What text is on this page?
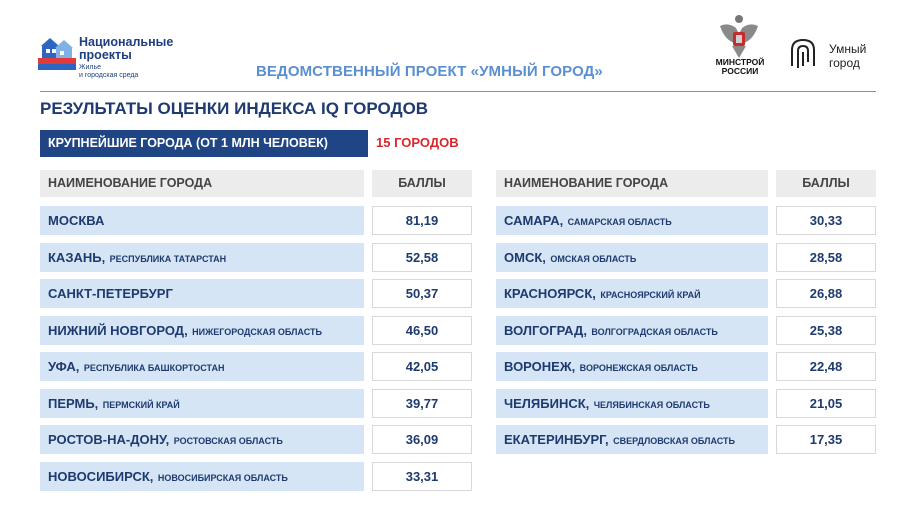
Национальные
проекты
Жилье
и городская среда	ВЕДОМСТВЕННЫЙ ПРОЕКТ «УМНЫЙ ГОРОД»
МИНСТРОЙ
РОССИИ
Умный
город
РЕЗУЛЬТАТЫ ОЦЕНКИ ИНДЕКСА IQ ГОРОДОВ
КРУПНЕЙШИЕ ГОРОДА (ОТ 1 МЛН ЧЕЛОВЕК)	15 ГОРОДОВ
НАИМЕНОВАНИЕ ГОРОДА	БАЛЛЫ	НАИМЕНОВАНИЕ ГОРОДА	БАЛЛЫ
МОСКВА	81,19
КАЗАНЬ, РЕСПУБЛИКА ТАТАРСТАН	52,58
САНКТ-ПЕТЕРБУРГ	50,37
НИЖНИЙ НОВГОРОД, НИЖЕГОРОДСКАЯ ОБЛАСТЬ	46,50
УФА, РЕСПУБЛИКА БАШКОРТОСТАН	42,05
ПЕРМЬ, ПЕРМСКИЙ КРАЙ	39,77
РОСТОВ-НА-ДОНУ, РОСТОВСКАЯ ОБЛАСТЬ	36,09
НОВОСИБИРСК, НОВОСИБИРСКАЯ ОБЛАСТЬ	33,31
САМАРА, САМАРСКАЯ ОБЛАСТЬ	30,33
ОМСК, ОМСКАЯ ОБЛАСТЬ	28,58
КРАСНОЯРСК, КРАСНОЯРСКИЙ КРАЙ	26,88
ВОЛГОГРАД, ВОЛГОГРАДСКАЯ ОБЛАСТЬ	25,38
ВОРОНЕЖ, ВОРОНЕЖСКАЯ ОБЛАСТЬ	22,48
ЧЕЛЯБИНСК, ЧЕЛЯБИНСКАЯ ОБЛАСТЬ	21,05
ЕКАТЕРИНБУРГ, СВЕРДЛОВСКАЯ ОБЛАСТЬ	17,35
